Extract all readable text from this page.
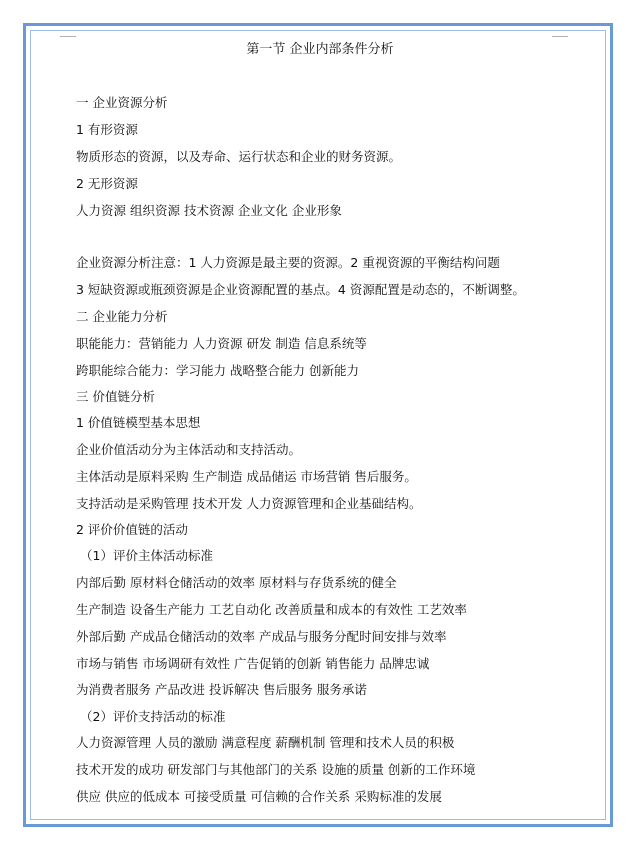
第一节 企业内部条件分析
一 企业资源分析
1 有形资源
物质形态的资源，以及寿命、运行状态和企业的财务资源。
2 无形资源
人力资源 组织资源 技术资源 企业文化 企业形象
企业资源分析注意：1 人力资源是最主要的资源。2 重视资源的平衡结构问题
3 短缺资源或瓶颈资源是企业资源配置的基点。4 资源配置是动态的，不断调整。
二 企业能力分析
职能能力：营销能力 人力资源 研发 制造 信息系统等
跨职能综合能力：学习能力 战略整合能力 创新能力
三 价值链分析
1 价值链模型基本思想
企业价值活动分为主体活动和支持活动。
主体活动是原料采购 生产制造 成品储运 市场营销 售后服务。
支持活动是采购管理 技术开发 人力资源管理和企业基础结构。
2 评价价值链的活动
（1）评价主体活动标准
内部后勤 原材料仓储活动的效率 原材料与存货系统的健全
生产制造 设备生产能力 工艺自动化 改善质量和成本的有效性 工艺效率
外部后勤 产成品仓储活动的效率 产成品与服务分配时间安排与效率
市场与销售 市场调研有效性 广告促销的创新 销售能力 品牌忠诚
为消费者服务 产品改进 投诉解决 售后服务 服务承诺
（2）评价支持活动的标准
人力资源管理 人员的激励 满意程度 薪酬机制 管理和技术人员的积极
技术开发的成功 研发部门与其他部门的关系 设施的质量 创新的工作环境
供应 供应的低成本 可接受质量 可信赖的合作关系 采购标准的发展
